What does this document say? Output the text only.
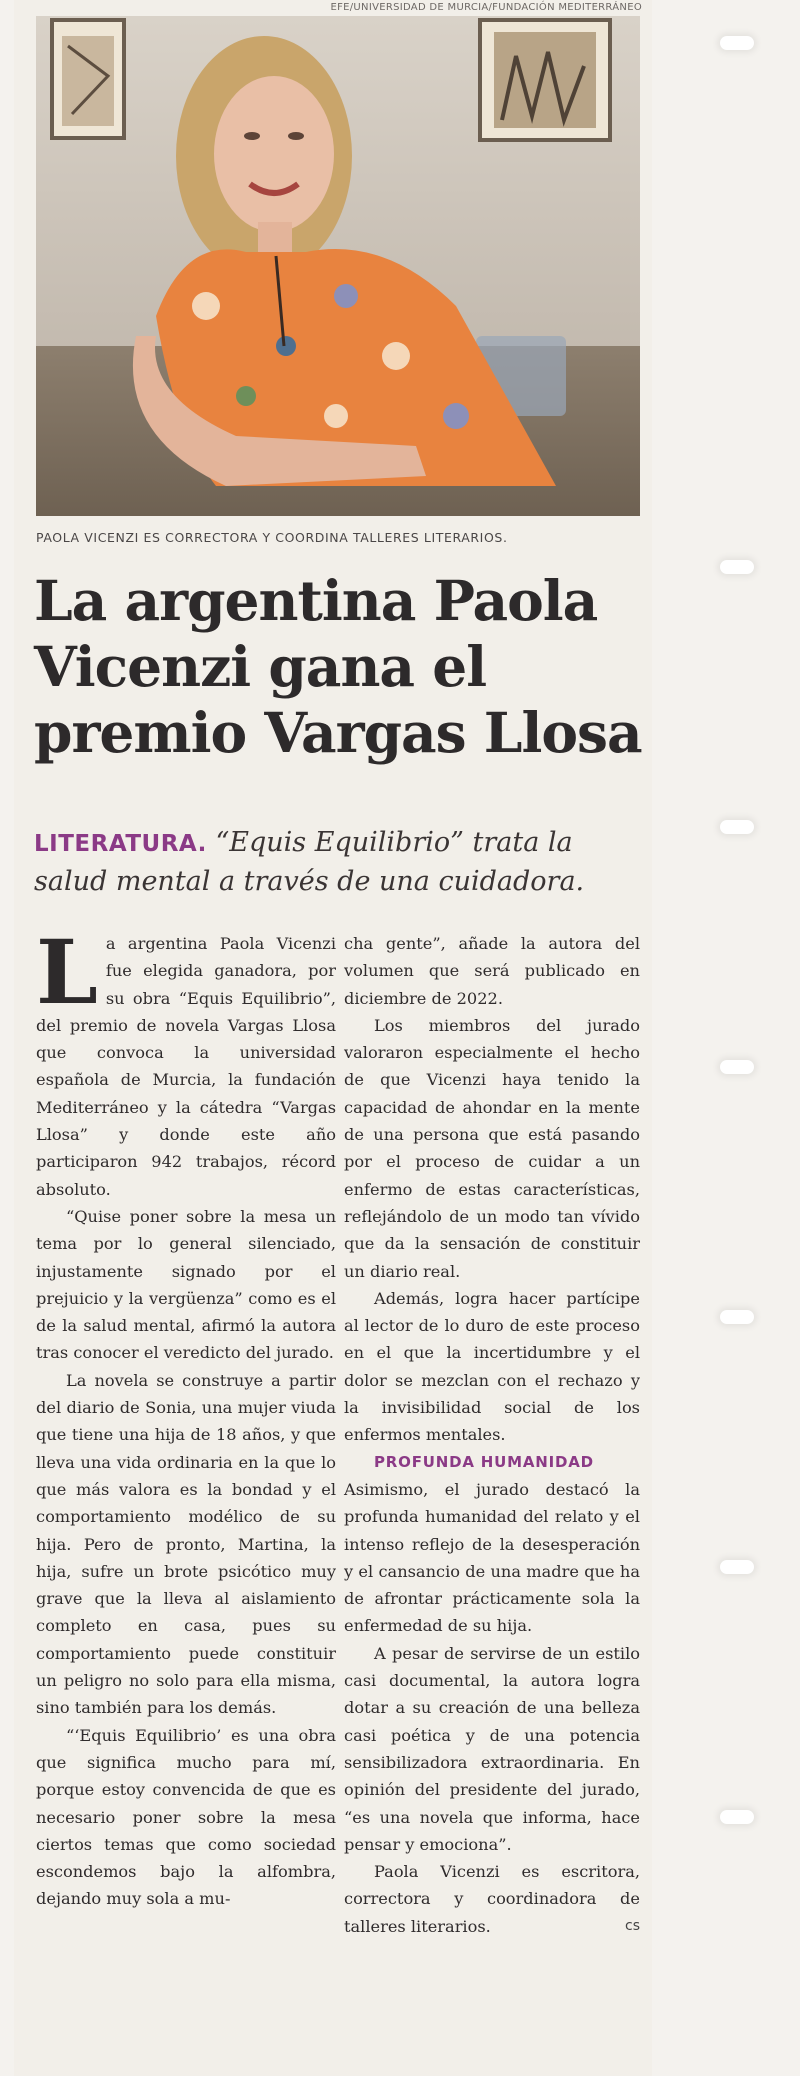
EFE/UNIVERSIDAD DE MURCIA/FUNDACIÓN MEDITERRÁNEO
PAOLA VICENZI ES CORRECTORA Y COORDINA TALLERES LITERARIOS.
La argentina Paola Vicenzi gana el premio Vargas Llosa

LITERATURA. “Equis Equilibrio” trata la salud mental a través de una cuidadora.

La argentina Paola Vicenzi fue elegida ganadora, por su obra “Equis Equilibrio”, del premio de novela Vargas Llosa que convoca la universidad española de Murcia, la fundación Mediterráneo y la cátedra “Vargas Llosa” y donde este año participaron 942 trabajos, récord absoluto.

“Quise poner sobre la mesa un tema por lo general silenciado, injustamente signado por el prejuicio y la vergüenza” como es el de la salud mental, afirmó la autora tras conocer el veredicto del jurado.

La novela se construye a partir del diario de Sonia, una mujer viuda que tiene una hija de 18 años, y que lleva una vida ordinaria en la que lo que más valora es la bondad y el comportamiento modélico de su hija. Pero de pronto, Martina, la hija, sufre un brote psicótico muy grave que la lleva al aislamiento completo en casa, pues su comportamiento puede constituir un peligro no solo para ella misma, sino también para los demás.

“‘Equis Equilibrio’ es una obra que significa mucho para mí, porque estoy convencida de que es necesario poner sobre la mesa ciertos temas que como sociedad escondemos bajo la alfombra, dejando muy sola a mu-

cha gente”, añade la autora del volumen que será publicado en diciembre de 2022.

Los miembros del jurado valoraron especialmente el hecho de que Vicenzi haya tenido la capacidad de ahondar en la mente de una persona que está pasando por el proceso de cuidar a un enfermo de estas características, reflejándolo de un modo tan vívido que da la sensación de constituir un diario real.

Además, logra hacer partícipe al lector de lo duro de este proceso en el que la incertidumbre y el dolor se mezclan con el rechazo y la invisibilidad social de los enfermos mentales.

PROFUNDA HUMANIDAD

Asimismo, el jurado destacó la profunda humanidad del relato y el intenso reflejo de la desesperación y el cansancio de una madre que ha de afrontar prácticamente sola la enfermedad de su hija.

A pesar de servirse de un estilo casi documental, la autora logra dotar a su creación de una belleza casi poética y de una potencia sensibilizadora extraordinaria. En opinión del presidente del jurado, “es una novela que informa, hace pensar y emociona”.

Paola Vicenzi es escritora, correctora y coordinadora de talleres literarios.	cs
